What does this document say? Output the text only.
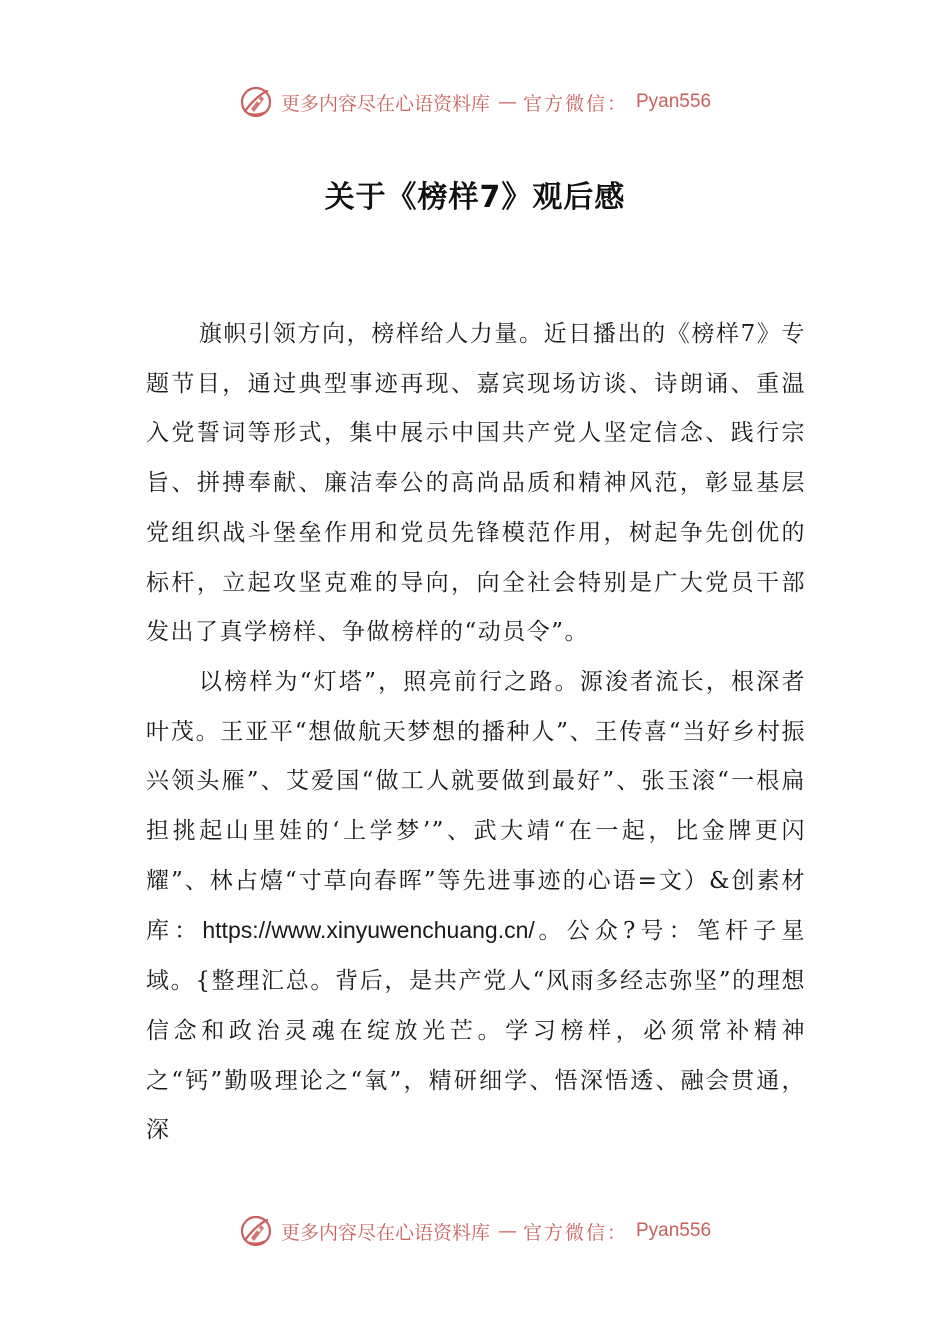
更多内容尽在心语资料库 — 官方微信： Pyan556
关于《榜样7》观后感

旗帜引领方向，榜样给人力量。近日播出的《榜样7》专题节目，通过典型事迹再现、嘉宾现场访谈、诗朗诵、重温入党誓词等形式，集中展示中国共产党人坚定信念、践行宗旨、拼搏奉献、廉洁奉公的高尚品质和精神风范，彰显基层党组织战斗堡垒作用和党员先锋模范作用，树起争先创优的标杆，立起攻坚克难的导向，向全社会特别是广大党员干部发出了真学榜样、争做榜样的“动员令”。

以榜样为“灯塔”，照亮前行之路。源浚者流长，根深者叶茂。王亚平“想做航天梦想的播种人”、王传喜“当好乡村振兴领头雁”、艾爱国“做工人就要做到最好”、张玉滚“一根扁担挑起山里娃的‘上学梦’”、武大靖“在一起，比金牌更闪耀”、林占熺“寸草向春晖”等先进事迹的心语=文）&创素材库：https://www.xinyuwenchuang.cn/。公众?号：笔杆子星域。{整理汇总。背后，是共产党人“风雨多经志弥坚”的理想信念和政治灵魂在绽放光芒。学习榜样，必须常补精神之“钙”勤吸理论之“氧”，精研细学、悟深悟透、融会贯通，深

更多内容尽在心语资料库 — 官方微信： Pyan556
